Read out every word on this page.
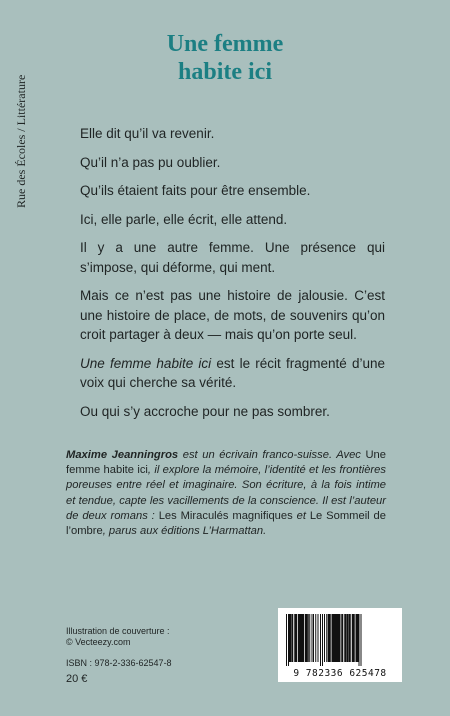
Rue des Écoles / Littérature
Une femme
habite ici

Elle dit qu’il va revenir.

Qu’il n’a pas pu oublier.

Qu’ils étaient faits pour être ensemble.

Ici, elle parle, elle écrit, elle attend.

Il y a une autre femme. Une présence qui s’impose, qui déforme, qui ment.

Mais ce n’est pas une histoire de jalousie. C’est une histoire de place, de mots, de souvenirs qu’on croit partager à deux — mais qu’on porte seul.

Une femme habite ici est le récit fragmenté d’une voix qui cherche sa vérité.

Ou qui s’y accroche pour ne pas sombrer.

Maxime Jeanningros est un écrivain franco-suisse. Avec Une femme habite ici, il explore la mémoire, l’identité et les frontières poreuses entre réel et imaginaire. Son écriture, à la fois intime et tendue, capte les vacillements de la conscience. Il est l’auteur de deux romans : Les Miraculés magnifiques et Le Sommeil de l’ombre, parus aux éditions L’Harmattan.
Illustration de couverture :
© Vecteezy.com
ISBN : 978-2-336-62547-8
20 €	9 782336 625478
